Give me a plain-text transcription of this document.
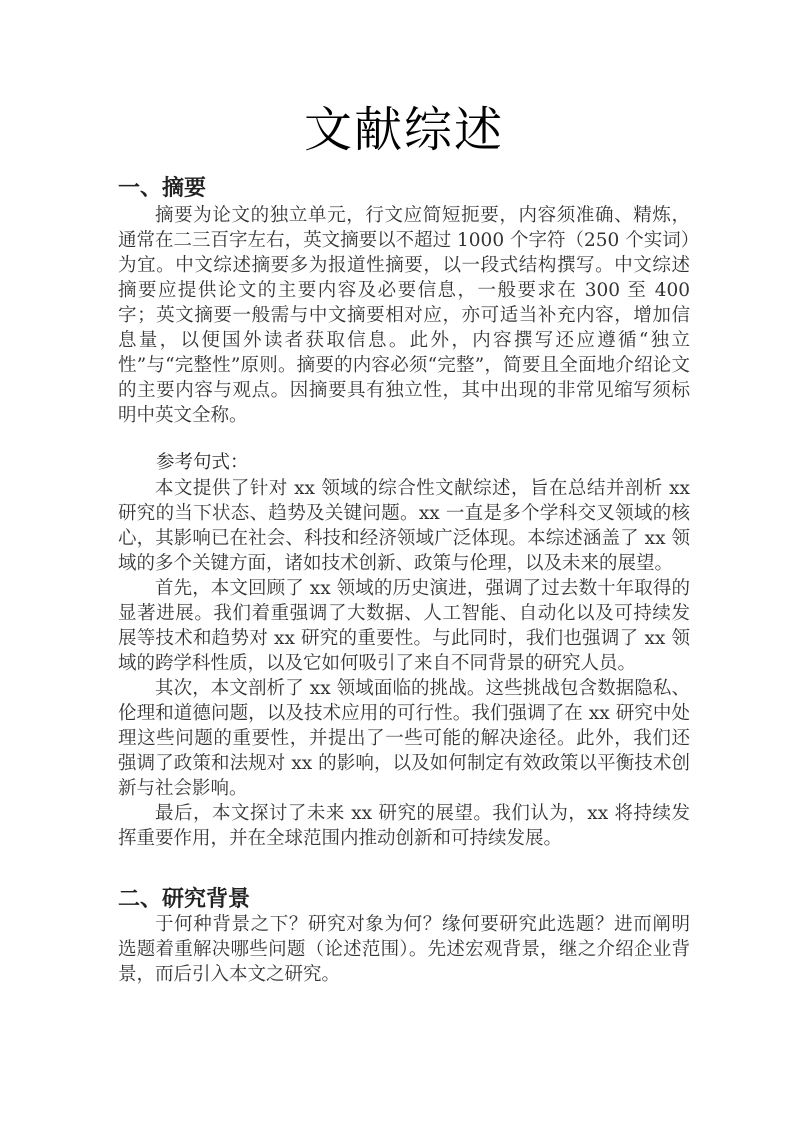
文献综述
一、摘要

摘要为论文的独立单元，行文应简短扼要，内容须准确、精炼，通常在二三百字左右，英文摘要以不超过 1000 个字符（250 个实词）为宜。中文综述摘要多为报道性摘要，以一段式结构撰写。中文综述摘要应提供论文的主要内容及必要信息，一般要求在 300 至 400 字；英文摘要一般需与中文摘要相对应，亦可适当补充内容，增加信息量，以便国外读者获取信息。此外，内容撰写还应遵循“独立性”与“完整性”原则。摘要的内容必须“完整”，简要且全面地介绍论文的主要内容与观点。因摘要具有独立性，其中出现的非常见缩写须标明中英文全称。

参考句式：

本文提供了针对 xx 领域的综合性文献综述，旨在总结并剖析 xx 研究的当下状态、趋势及关键问题。xx 一直是多个学科交叉领域的核心，其影响已在社会、科技和经济领域广泛体现。本综述涵盖了 xx 领域的多个关键方面，诸如技术创新、政策与伦理，以及未来的展望。

首先，本文回顾了 xx 领域的历史演进，强调了过去数十年取得的显著进展。我们着重强调了大数据、人工智能、自动化以及可持续发展等技术和趋势对 xx 研究的重要性。与此同时，我们也强调了 xx 领域的跨学科性质，以及它如何吸引了来自不同背景的研究人员。

其次，本文剖析了 xx 领域面临的挑战。这些挑战包含数据隐私、伦理和道德问题，以及技术应用的可行性。我们强调了在 xx 研究中处理这些问题的重要性，并提出了一些可能的解决途径。此外，我们还强调了政策和法规对 xx 的影响，以及如何制定有效政策以平衡技术创新与社会影响。

最后，本文探讨了未来 xx 研究的展望。我们认为，xx 将持续发挥重要作用，并在全球范围内推动创新和可持续发展。

二、研究背景

于何种背景之下？研究对象为何？缘何要研究此选题？进而阐明选题着重解决哪些问题（论述范围）。先述宏观背景，继之介绍企业背景，而后引入本文之研究。
